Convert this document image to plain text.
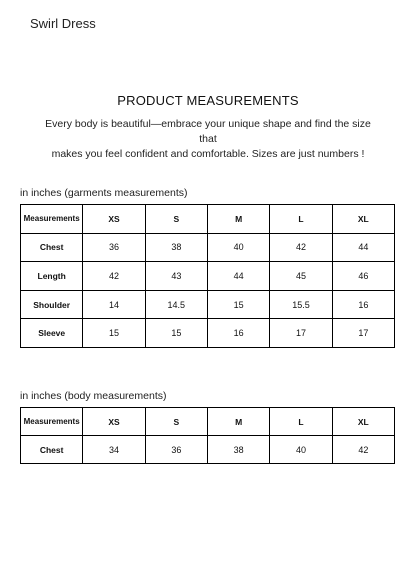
Swirl Dress
PRODUCT MEASUREMENTS
Every body is beautiful—embrace your unique shape and find the size that
makes you feel confident and comfortable. Sizes are just numbers !
in inches (garments measurements)
Measurements	XS	S	M	L	XL
Chest	36	38	40	42	44
Length	42	43	44	45	46
Shoulder	14	14.5	15	15.5	16
Sleeve	15	15	16	17	17
in inches (body measurements)
Measurements	XS	S	M	L	XL
Chest	34	36	38	40	42
